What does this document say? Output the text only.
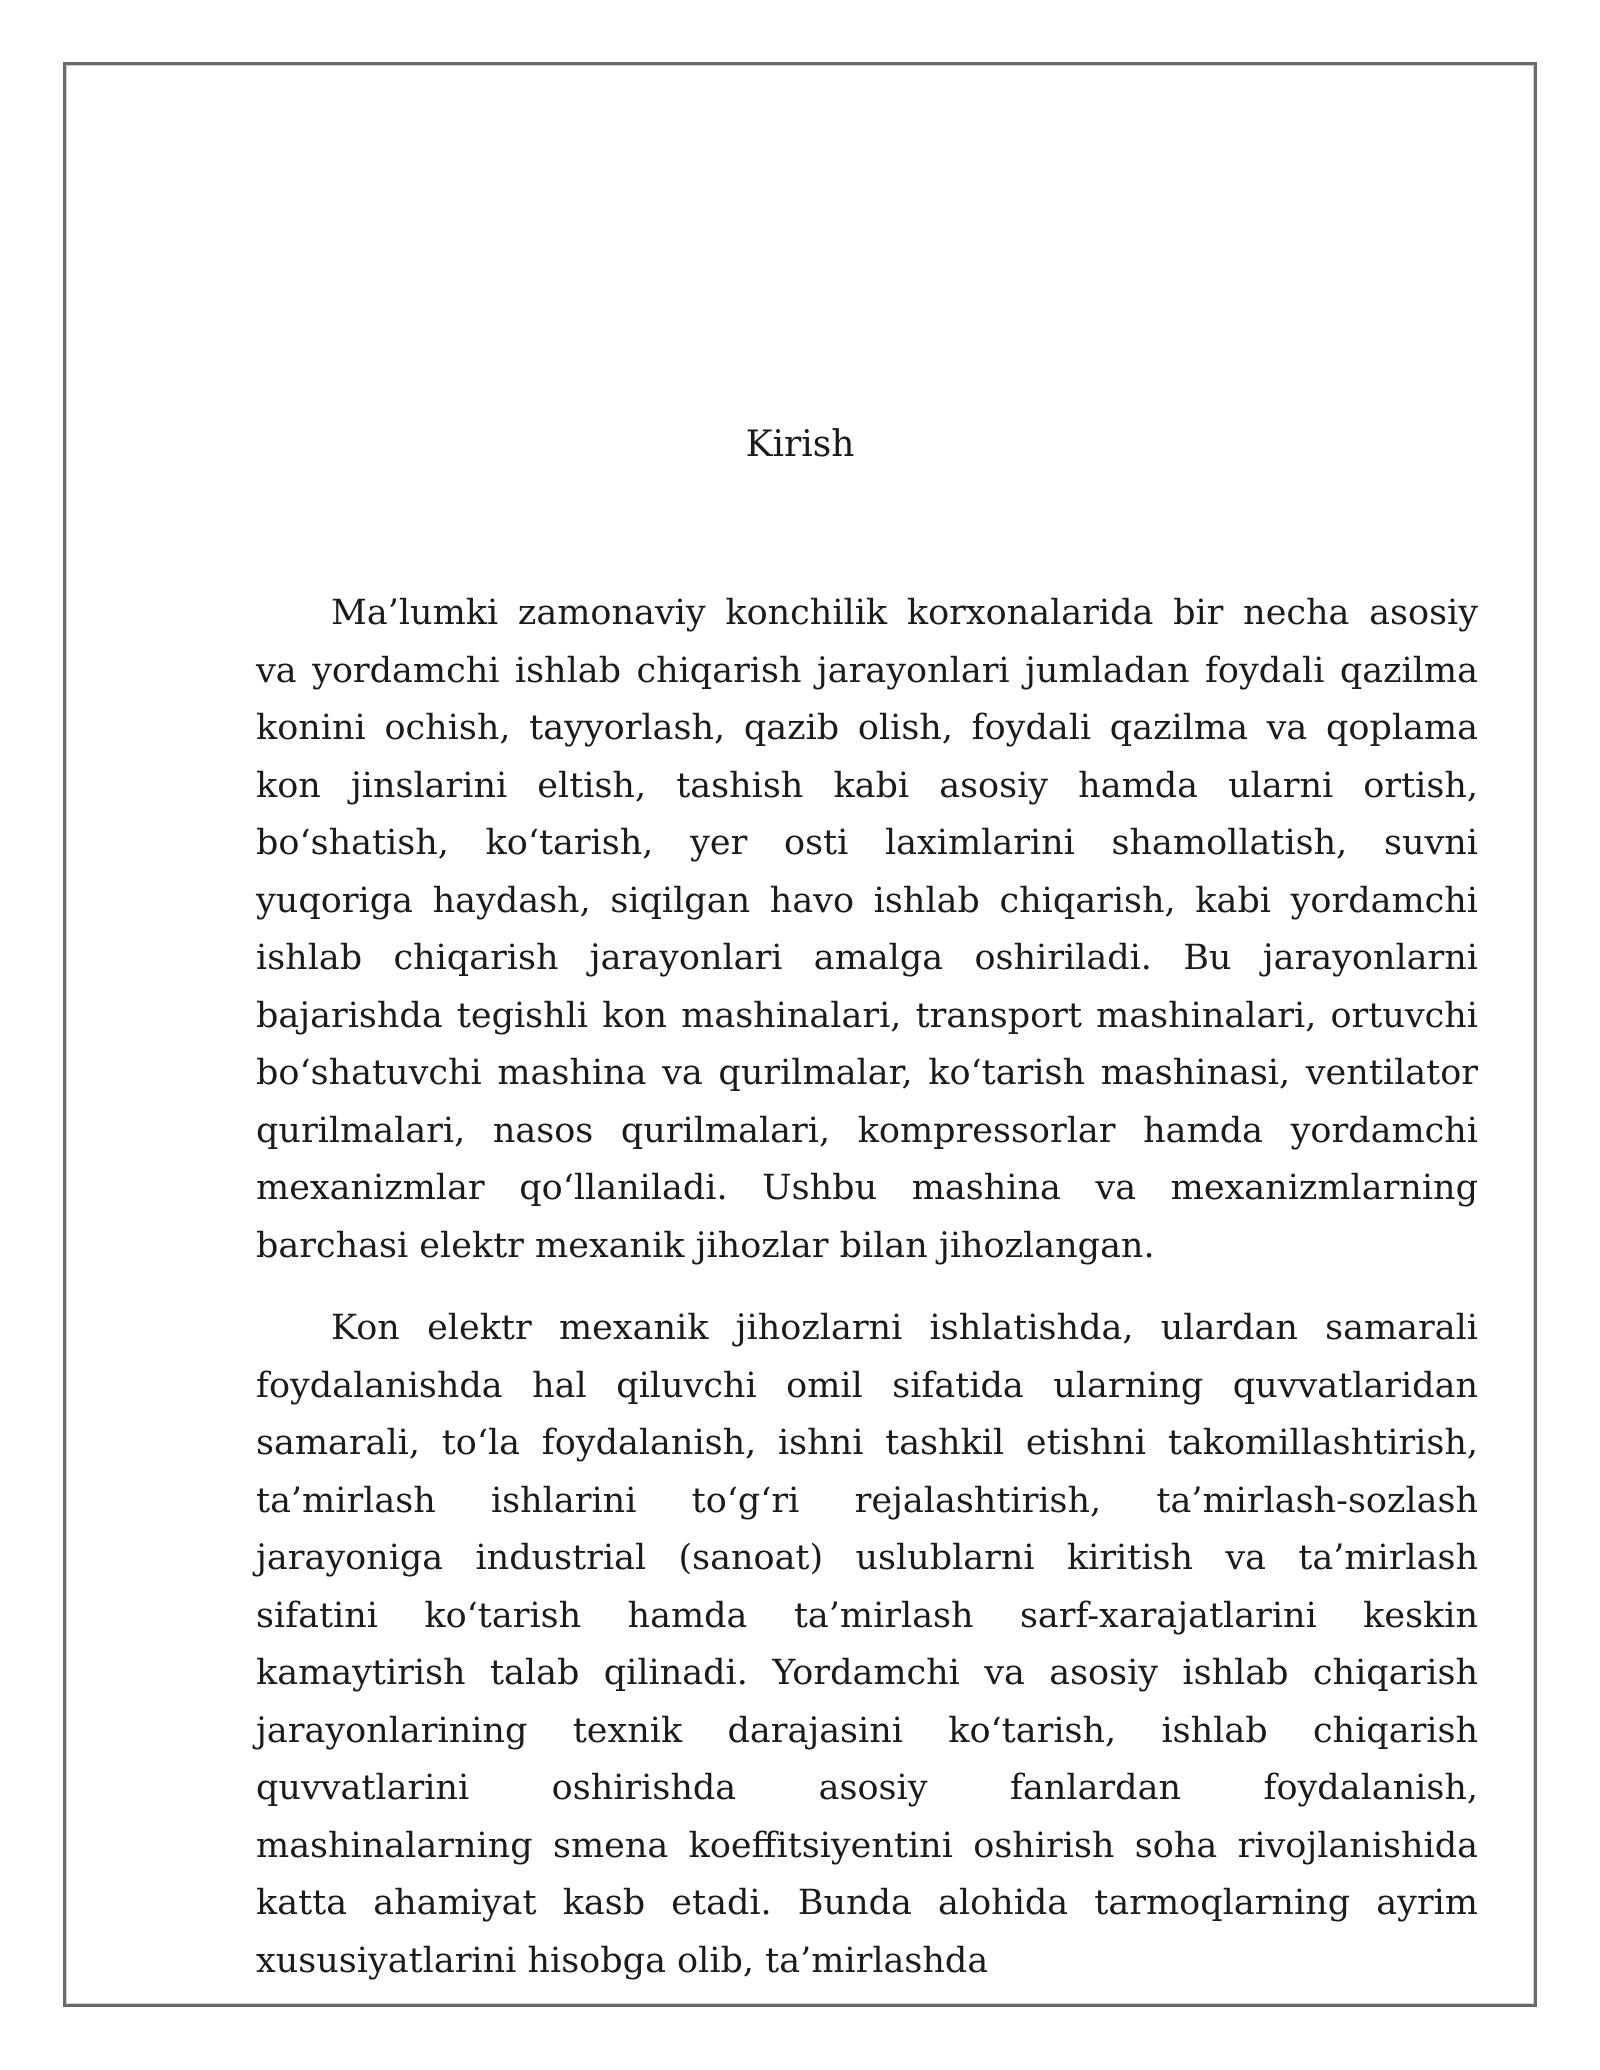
Kirish

Ma’lumki zamonaviy konchilik korxonalarida bir necha asosiy va yordamchi ishlab chiqarish jarayonlari jumladan foydali qazilma konini ochish, tayyorlash, qazib olish, foydali qazilma va qoplama kon jinslarini eltish, tashish kabi asosiy hamda ularni ortish, bo‘shatish, ko‘tarish, yer osti laximlarini shamollatish, suvni yuqoriga haydash, siqilgan havo ishlab chiqarish, kabi yordamchi ishlab chiqarish jarayonlari amalga oshiriladi. Bu jarayonlarni bajarishda tegishli kon mashinalari, transport mashinalari, ortuvchi bo‘shatuvchi mashina va qurilmalar, ko‘tarish mashinasi, ventilator qurilmalari, nasos qurilmalari, kompressorlar hamda yordamchi mexanizmlar qo‘llaniladi. Ushbu mashina va mexanizmlarning barchasi elektr mexanik jihozlar bilan jihozlangan.

Kon elektr mexanik jihozlarni ishlatishda, ulardan samarali foydalanishda hal qiluvchi omil sifatida ularning quvvatlaridan samarali, to‘la foydalanish, ishni tashkil etishni takomillashtirish, ta’mirlash ishlarini to‘g‘ri rejalashtirish, ta’mirlash-sozlash jarayoniga industrial (sanoat) uslublarni kiritish va ta’mirlash sifatini ko‘tarish hamda ta’mirlash sarf-xarajatlarini keskin kamaytirish talab qilinadi. Yordamchi va asosiy ishlab chiqarish jarayonlarining texnik darajasini ko‘tarish, ishlab chiqarish quvvatlarini oshirishda asosiy fanlardan foydalanish, mashinalarning smena koeffitsiyentini oshirish soha rivojlanishida katta ahamiyat kasb etadi. Bunda alohida tarmoqlarning ayrim xususiyatlarini hisobga olib, ta’mirlashda
